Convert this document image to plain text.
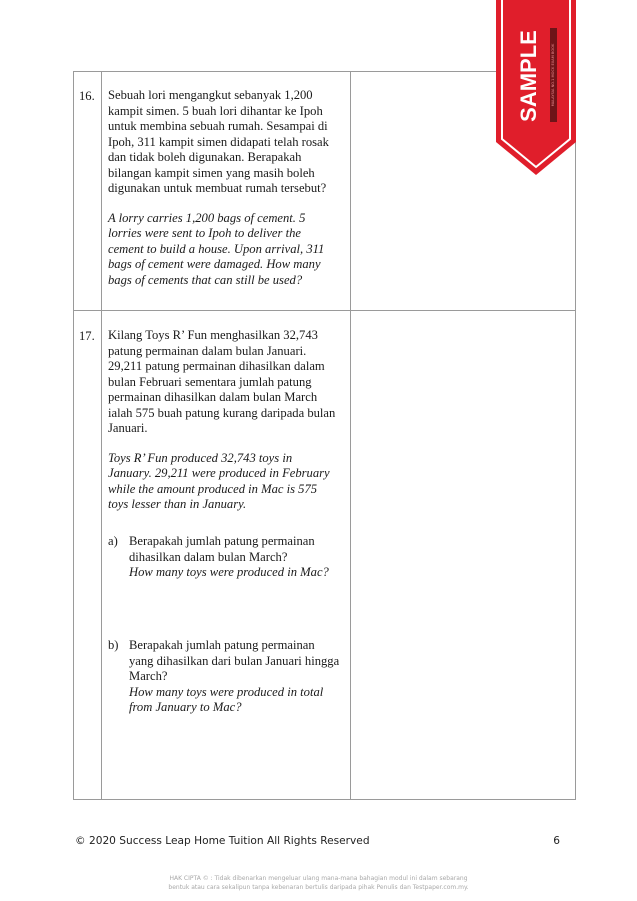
16. Sebuah lori mengangkut sebanyak 1,200

kampit simen. 5 buah lori dihantar ke Ipoh

untuk membina sebuah rumah. Sesampai di

Ipoh, 311 kampit simen didapati telah rosak

dan tidak boleh digunakan. Berapakah

bilangan kampit simen yang masih boleh

digunakan untuk membuat rumah tersebut?

A lorry carries 1,200 bags of cement. 5

lorries were sent to Ipoh to deliver the

cement to build a house. Upon arrival, 311

bags of cement were damaged. How many

bags of cements that can still be used?

17. Kilang Toys R’ Fun menghasilkan 32,743

patung permainan dalam bulan Januari.

29,211 patung permainan dihasilkan dalam

bulan Februari sementara jumlah patung

permainan dihasilkan dalam bulan March

ialah 575 buah patung kurang daripada bulan

Januari.

Toys R’ Fun produced 32,743 toys in

January. 29,211 were produced in February

while the amount produced in Mac is 575

toys lesser than in January.

a) Berapakah jumlah patung permainan

dihasilkan dalam bulan March?

How many toys were produced in Mac?

b) Berapakah jumlah patung permainan

yang dihasilkan dari bulan Januari hingga

March?

How many toys were produced in total

from January to Mac?

SAMPLE	MALAYSIA NO.1 MOCK EXAM BOOK
© 2020 Success Leap Home Tuition All Rights Reserved	6
HAK CIPTA © : Tidak dibenarkan mengeluar ulang mana-mana bahagian modul ini dalam sebarang
bentuk atau cara sekalipun tanpa kebenaran bertulis daripada pihak Penulis dan Testpaper.com.my.
